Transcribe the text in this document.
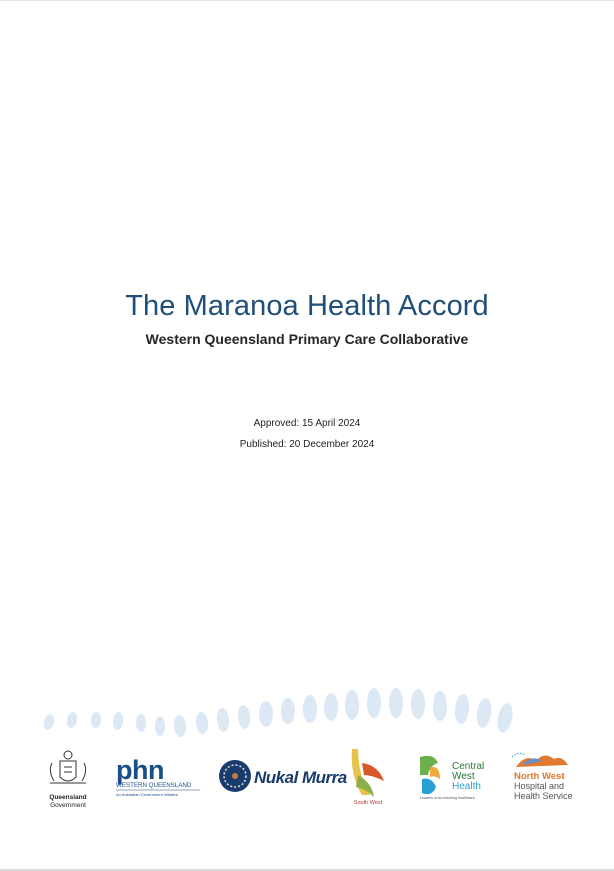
The Maranoa Health Accord
Western Queensland Primary Care Collaborative
Approved: 15 April 2024
Published: 20 December 2024
Queensland
Government
phn
WESTERN QUEENSLAND
An Australian Government initiative
Nukal Murra
South West
Central
West
Health
Leaders in far-reaching healthcare
North West
Hospital and
Health Service
